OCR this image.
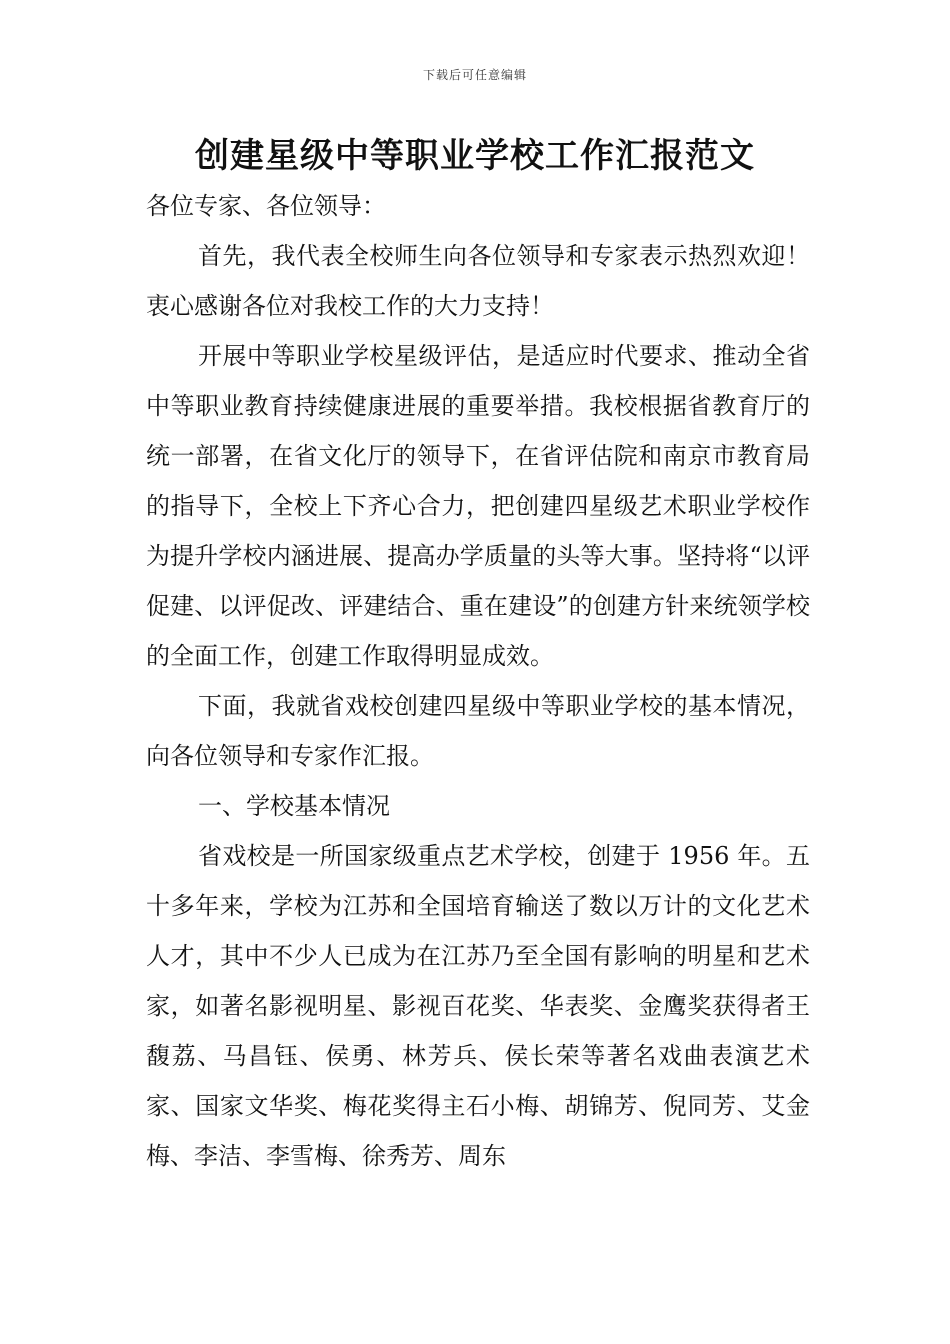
下载后可任意编辑
创建星级中等职业学校工作汇报范文

各位专家、各位领导：

首先，我代表全校师生向各位领导和专家表示热烈欢迎！衷心感谢各位对我校工作的大力支持！

开展中等职业学校星级评估，是适应时代要求、推动全省中等职业教育持续健康进展的重要举措。我校根据省教育厅的统一部署，在省文化厅的领导下，在省评估院和南京市教育局的指导下，全校上下齐心合力，把创建四星级艺术职业学校作为提升学校内涵进展、提高办学质量的头等大事。坚持将“以评促建、以评促改、评建结合、重在建设”的创建方针来统领学校的全面工作，创建工作取得明显成效。

下面，我就省戏校创建四星级中等职业学校的基本情况，向各位领导和专家作汇报。

一、学校基本情况

省戏校是一所国家级重点艺术学校，创建于 1956 年。五十多年来，学校为江苏和全国培育输送了数以万计的文化艺术人才，其中不少人已成为在江苏乃至全国有影响的明星和艺术家，如著名影视明星、影视百花奖、华表奖、金鹰奖获得者王馥荔、马昌钰、侯勇、林芳兵、侯长荣等著名戏曲表演艺术家、国家文华奖、梅花奖得主石小梅、胡锦芳、倪同芳、艾金梅、李洁、李雪梅、徐秀芳、周东
